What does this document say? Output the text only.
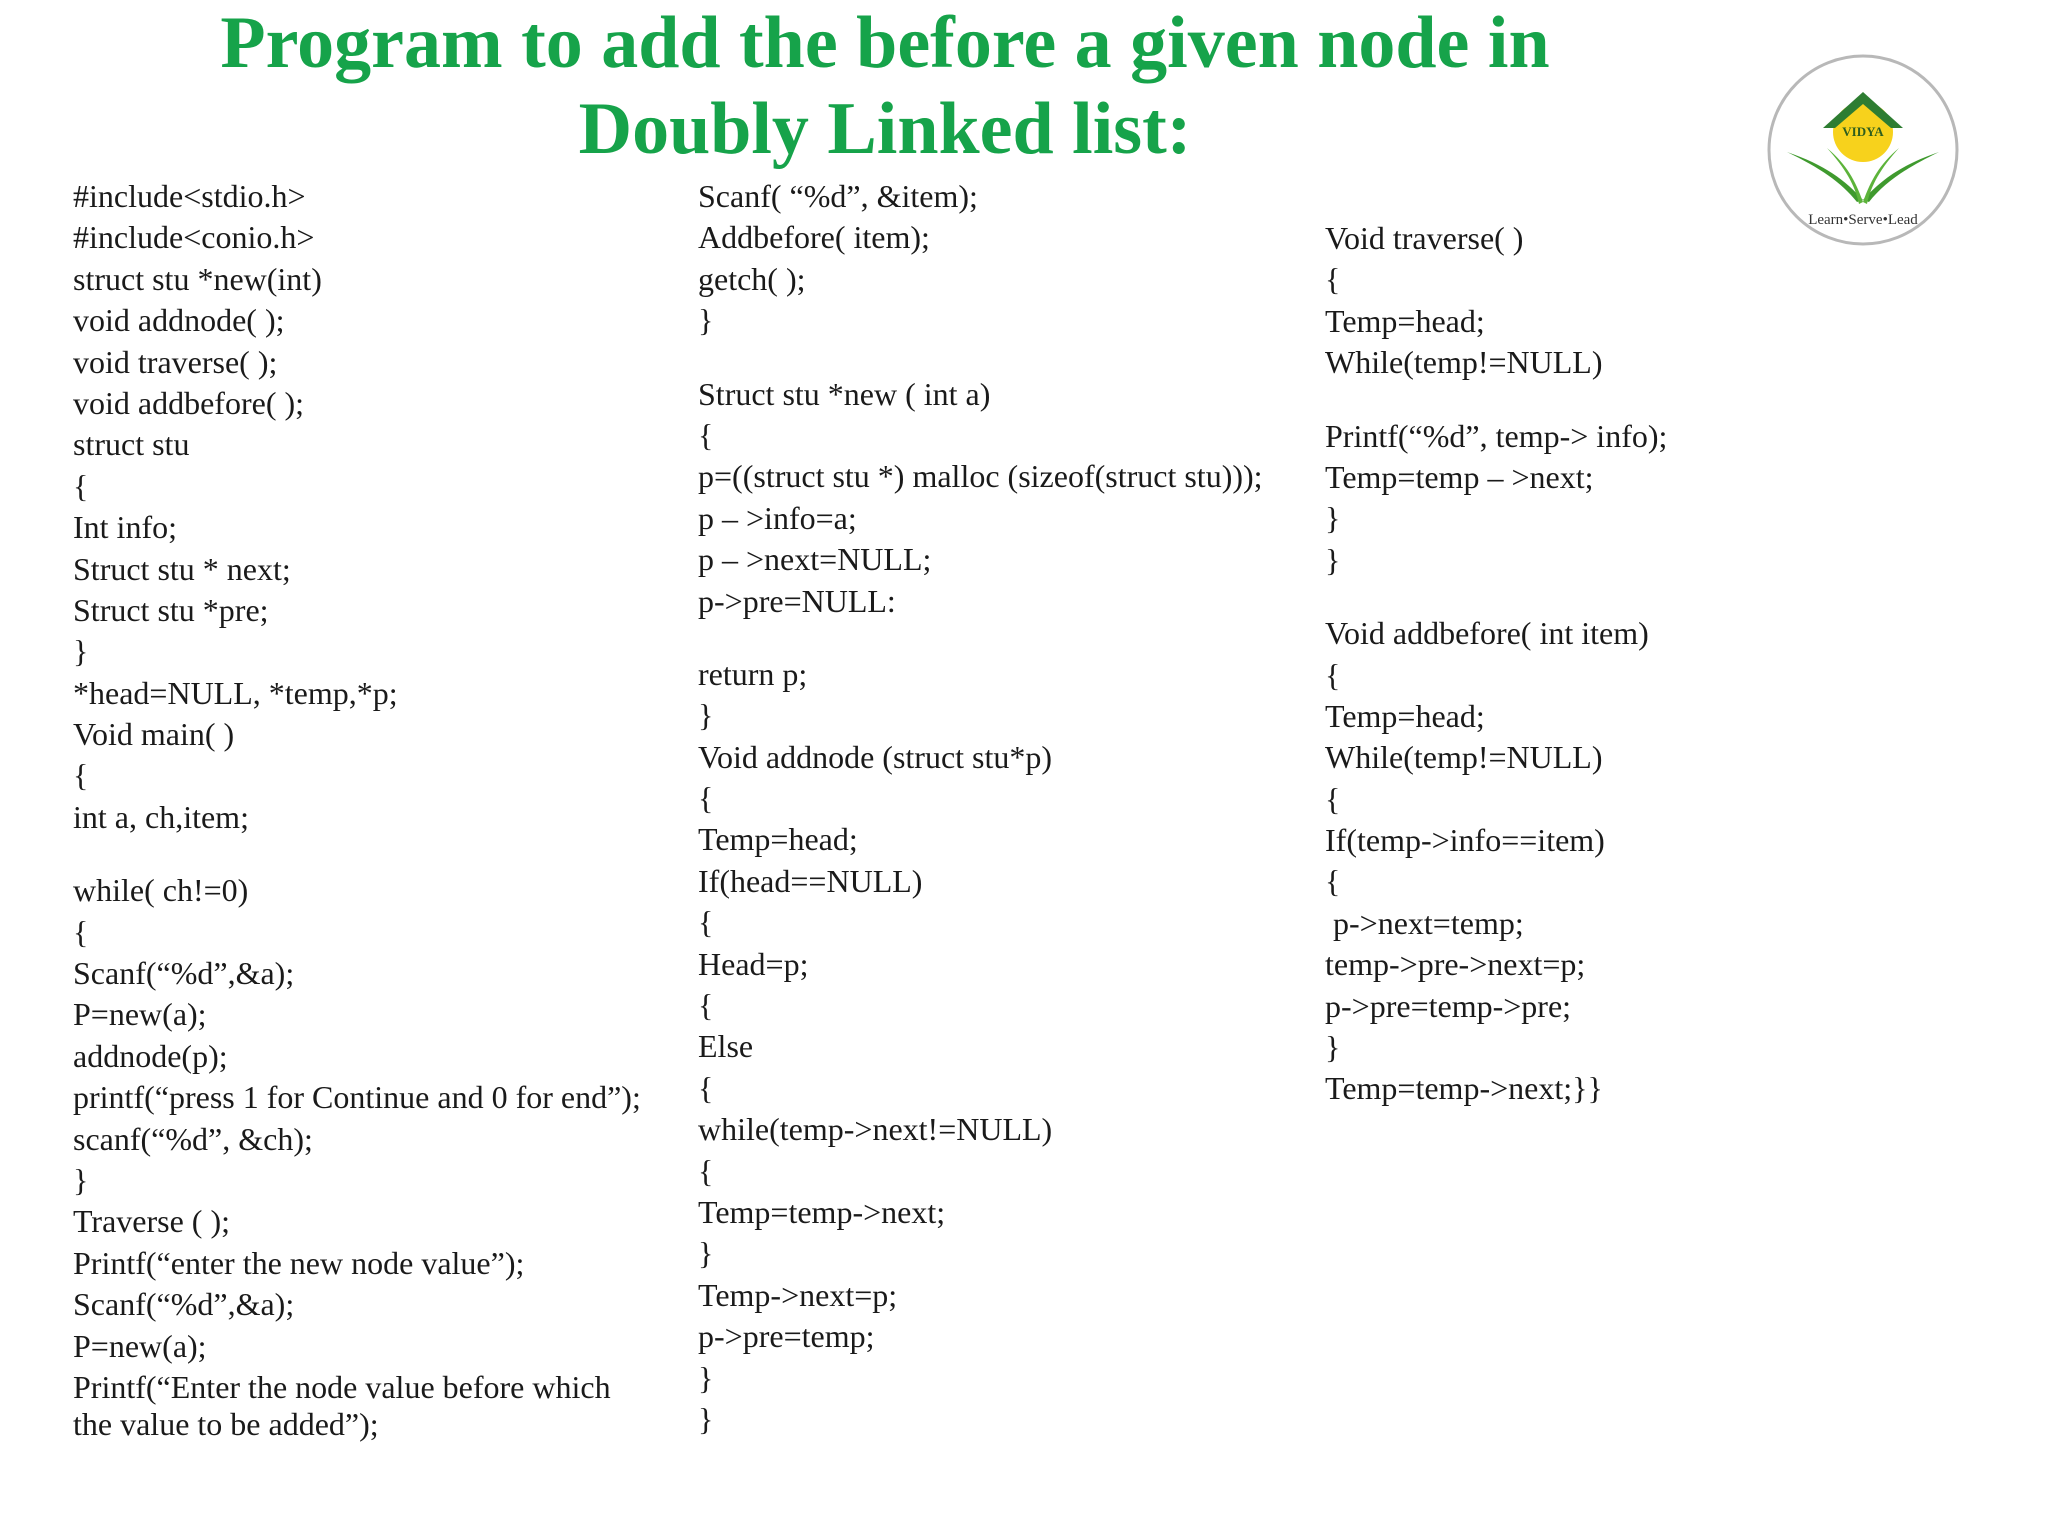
Program to add the before a given node in
Doubly Linked list:
#include<stdio.h>
#include<conio.h>
struct stu *new(int)
void addnode( );
void traverse( );
void addbefore( );
struct stu
{
Int info;
Struct stu * next;
Struct stu *pre;
}
*head=NULL, *temp,*p;
Void main( )
{
int a, ch,item;
while( ch!=0)
{
Scanf(“%d”,&a);
P=new(a);
addnode(p);
printf(“press 1 for Continue and 0 for end”);
scanf(“%d”, &ch);
}
Traverse ( );
Printf(“enter the new node value”);
Scanf(“%d”,&a);
P=new(a);
Printf(“Enter the node value before which
the value to be added”);
Scanf( “%d”, &item);
Addbefore( item);
getch( );
}
Struct stu *new ( int a)
{
p=((struct stu *) malloc (sizeof(struct stu)));
p – >info=a;
p – >next=NULL;
p->pre=NULL:
return p;
}
Void addnode (struct stu*p)
{
Temp=head;
If(head==NULL)
{
Head=p;
{
Else
{
while(temp->next!=NULL)
{
Temp=temp->next;
}
Temp->next=p;
p->pre=temp;
}
}
Void traverse( )
{
Temp=head;
While(temp!=NULL)
Printf(“%d”, temp-> info);
Temp=temp – >next;
}
}
Void addbefore( int item)
{
Temp=head;
While(temp!=NULL)
{
If(temp->info==item)
{
p->next=temp;
temp->pre->next=p;
p->pre=temp->pre;
}
Temp=temp->next;}}
VIDYA
Learn•Serve•Lead
